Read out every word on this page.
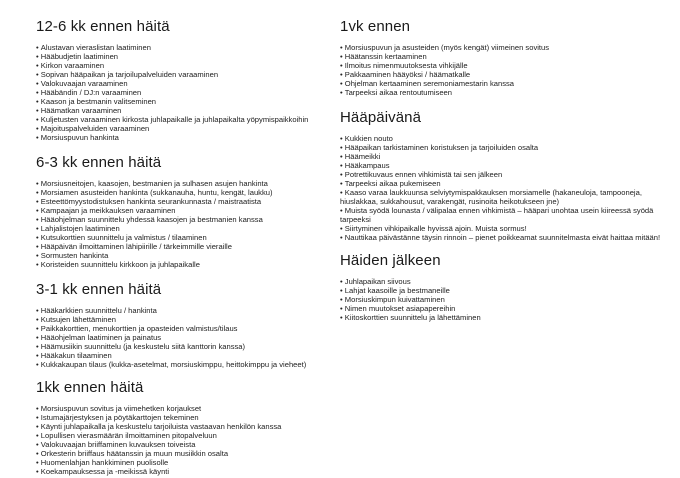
12-6 kk ennen häitä
• Alustavan vieraslistan laatiminen
• Hääbudjetin laatiminen
• Kirkon varaaminen
• Sopivan hääpaikan ja tarjoilupalveluiden varaaminen
• Valokuvaajan varaaminen
• Hääbändin / DJ:n varaaminen
• Kaason ja bestmanin valitseminen
• Häämatkan varaaminen
• Kuljetusten varaaminen kirkosta juhlapaikalle ja juhlapaikalta yöpymispaikkoihin
• Majoituspalveluiden varaaminen
• Morsiuspuvun hankinta
6-3 kk ennen häitä
• Morsiusneitojen, kaasojen, bestmanien ja sulhasen asujen hankinta
• Morsiamen asusteiden hankinta (sukkanauha, huntu, kengät, laukku)
• Esteettömyystodistuksen hankinta seurankunnasta / maistraatista
• Kampaajan ja meikkauksen varaaminen
• Hääohjelman suunnittelu yhdessä kaasojen ja bestmanien kanssa
• Lahjalistojen laatiminen
• Kutsukorttien suunnittelu ja valmistus / tilaaminen
• Hääpäivän ilmoittaminen lähipiirille / tärkeimmille vieraille
• Sormusten hankinta
• Koristeiden suunnittelu kirkkoon ja juhlapaikalle
3-1 kk ennen häitä
• Hääkarkkien suunnittelu / hankinta
• Kutsujen lähettäminen
• Paikkakorttien, menukorttien ja opasteiden valmistus/tilaus
• Hääohjelman laatiminen ja painatus
• Häämusiikin suunnittelu (ja keskustelu siitä kanttorin kanssa)
• Hääkakun tilaaminen
• Kukkakaupan tilaus (kukka-asetelmat, morsiuskimppu, heittokimppu ja vieheet)
1kk ennen häitä
• Morsiuspuvun sovitus ja viimehetken korjaukset
• Istumajärjestyksen ja pöytäkarttojen tekeminen
• Käynti juhlapaikalla ja keskustelu tarjoiluista vastaavan henkilön kanssa
• Lopullisen vierasmäärän ilmoittaminen pitopalveluun
• Valokuvaajan briiffaminen kuvauksen toiveista
• Orkesterin briiffaus häätanssin ja muun musiikkin osalta
• Huomenlahjan hankkiminen puolisolle
• Koekampauksessa ja -meikissä käynti
1vk ennen
• Morsiuspuvun ja asusteiden (myös kengät) viimeinen sovitus
• Häätanssin kertaaminen
• Ilmoitus nimenmuutoksesta vihkijälle
• Pakkaaminen hääyöksi / häämatkalle
• Ohjelman kertaaminen seremoniamestarin kanssa
• Tarpeeksi aikaa rentoutumiseen
Hääpäivänä
• Kukkien nouto
• Hääpaikan tarkistaminen koristuksen ja tarjoiluiden osalta
• Häämeikki
• Hääkampaus
• Potrettikuvaus ennen vihkimistä tai sen jälkeen
• Tarpeeksi aikaa pukemiseen
• Kaaso varaa laukkuunsa selviytymispakkauksen morsiamelle (hakaneuloja, tampooneja, hiuslakkaa, sukkahousut, varakengät, rusinoita heikotukseen jne)
• Muista syödä lounasta / välipalaa ennen vihkimistä – hääpari unohtaa usein kiireessä syödä tarpeeksi
• Siirtyminen vihkipaikalle hyvissä ajoin. Muista sormus!
• Nauttikaa päivästänne täysin rinnoin – pienet poikkeamat suunnitelmasta eivät haittaa mitään!
Häiden jälkeen
• Juhlapaikan siivous
• Lahjat kaasoille ja bestmaneille
• Morsiuskimpun kuivattaminen
• Nimen muutokset asiapapereihin
• Kiitoskorttien suunnittelu ja lähettäminen
